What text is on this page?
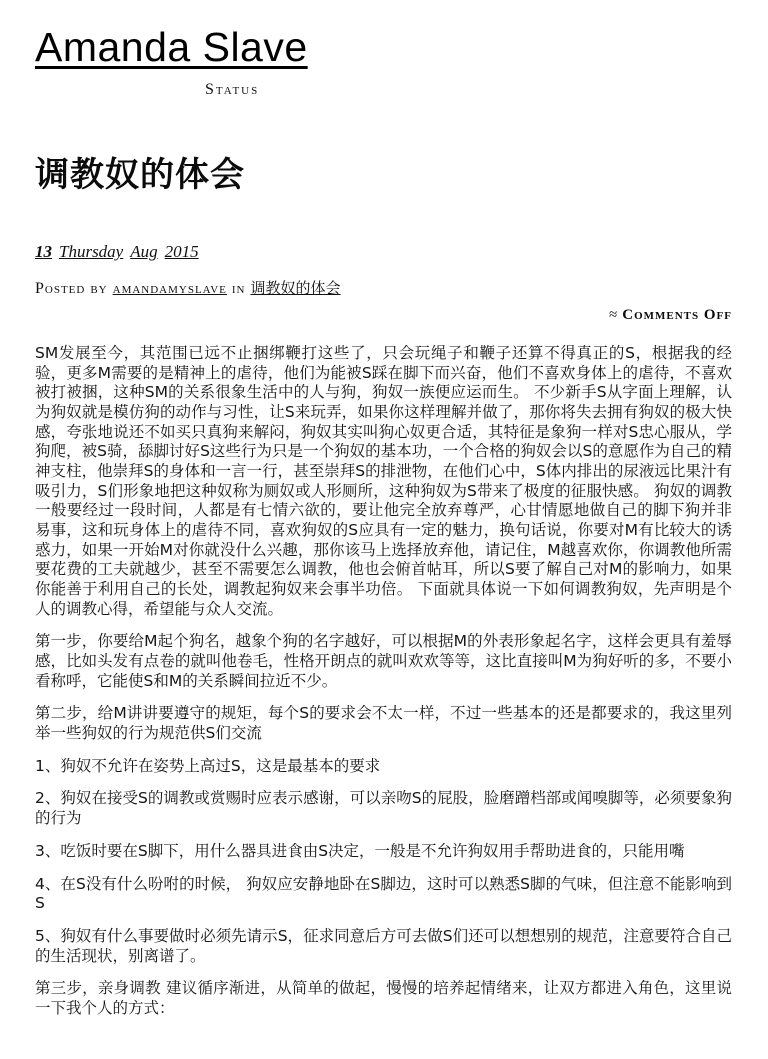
Amanda Slave
Status
调教奴的体会
13 Thursday Aug 2015
Posted by amandamyslave in 调教奴的体会
≈ Comments Off

SM发展至今，其范围已远不止捆绑鞭打这些了，只会玩绳子和鞭子还算不得真正的S，根据我的经验，更多M需要的是精神上的虐待，他们为能被S踩在脚下而兴奋，他们不喜欢身体上的虐待，不喜欢被打被捆，这种SM的关系很象生活中的人与狗，狗奴一族便应运而生。 不少新手S从字面上理解，认为狗奴就是模仿狗的动作与习性，让S来玩弄，如果你这样理解并做了，那你将失去拥有狗奴的极大快感，夸张地说还不如买只真狗来解闷，狗奴其实叫狗心奴更合适，其特征是象狗一样对S忠心服从，学狗爬，被S骑，舔脚讨好S这些行为只是一个狗奴的基本功，一个合格的狗奴会以S的意愿作为自己的精神支柱，他崇拜S的身体和一言一行，甚至崇拜S的排泄物，在他们心中，S体内排出的尿液远比果汁有吸引力，S们形象地把这种奴称为厕奴或人形厕所，这种狗奴为S带来了极度的征服快感。 狗奴的调教一般要经过一段时间，人都是有七情六欲的，要让他完全放弃尊严，心甘情愿地做自己的脚下狗并非易事，这和玩身体上的虐待不同，喜欢狗奴的S应具有一定的魅力，换句话说，你要对M有比较大的诱惑力，如果一开始M对你就没什么兴趣，那你该马上选择放弃他，请记住，M越喜欢你，你调教他所需要花费的工夫就越少，甚至不需要怎么调教，他也会俯首帖耳，所以S要了解自己对M的影响力，如果你能善于利用自己的长处，调教起狗奴来会事半功倍。 下面就具体说一下如何调教狗奴，先声明是个人的调教心得，希望能与众人交流。

第一步，你要给M起个狗名，越象个狗的名字越好，可以根据M的外表形象起名字，这样会更具有羞辱感，比如头发有点卷的就叫他卷毛，性格开朗点的就叫欢欢等等，这比直接叫M为狗好听的多，不要小看称呼，它能使S和M的关系瞬间拉近不少。

第二步，给M讲讲要遵守的规矩，每个S的要求会不太一样，不过一些基本的还是都要求的，我这里列举一些狗奴的行为规范供S们交流

1、狗奴不允许在姿势上高过S，这是最基本的要求

2、狗奴在接受S的调教或赏赐时应表示感谢，可以亲吻S的屁股，脸磨蹭档部或闻嗅脚等，必须要象狗的行为

3、吃饭时要在S脚下，用什么器具进食由S决定，一般是不允许狗奴用手帮助进食的，只能用嘴

4、在S没有什么吩咐的时候， 狗奴应安静地卧在S脚边，这时可以熟悉S脚的气味，但注意不能影响到S

5、狗奴有什么事要做时必须先请示S，征求同意后方可去做S们还可以想想别的规范，注意要符合自己的生活现状，别离谱了。

第三步，亲身调教 建议循序渐进，从简单的做起，慢慢的培养起情绪来，让双方都进入角色，这里说一下我个人的方式：
